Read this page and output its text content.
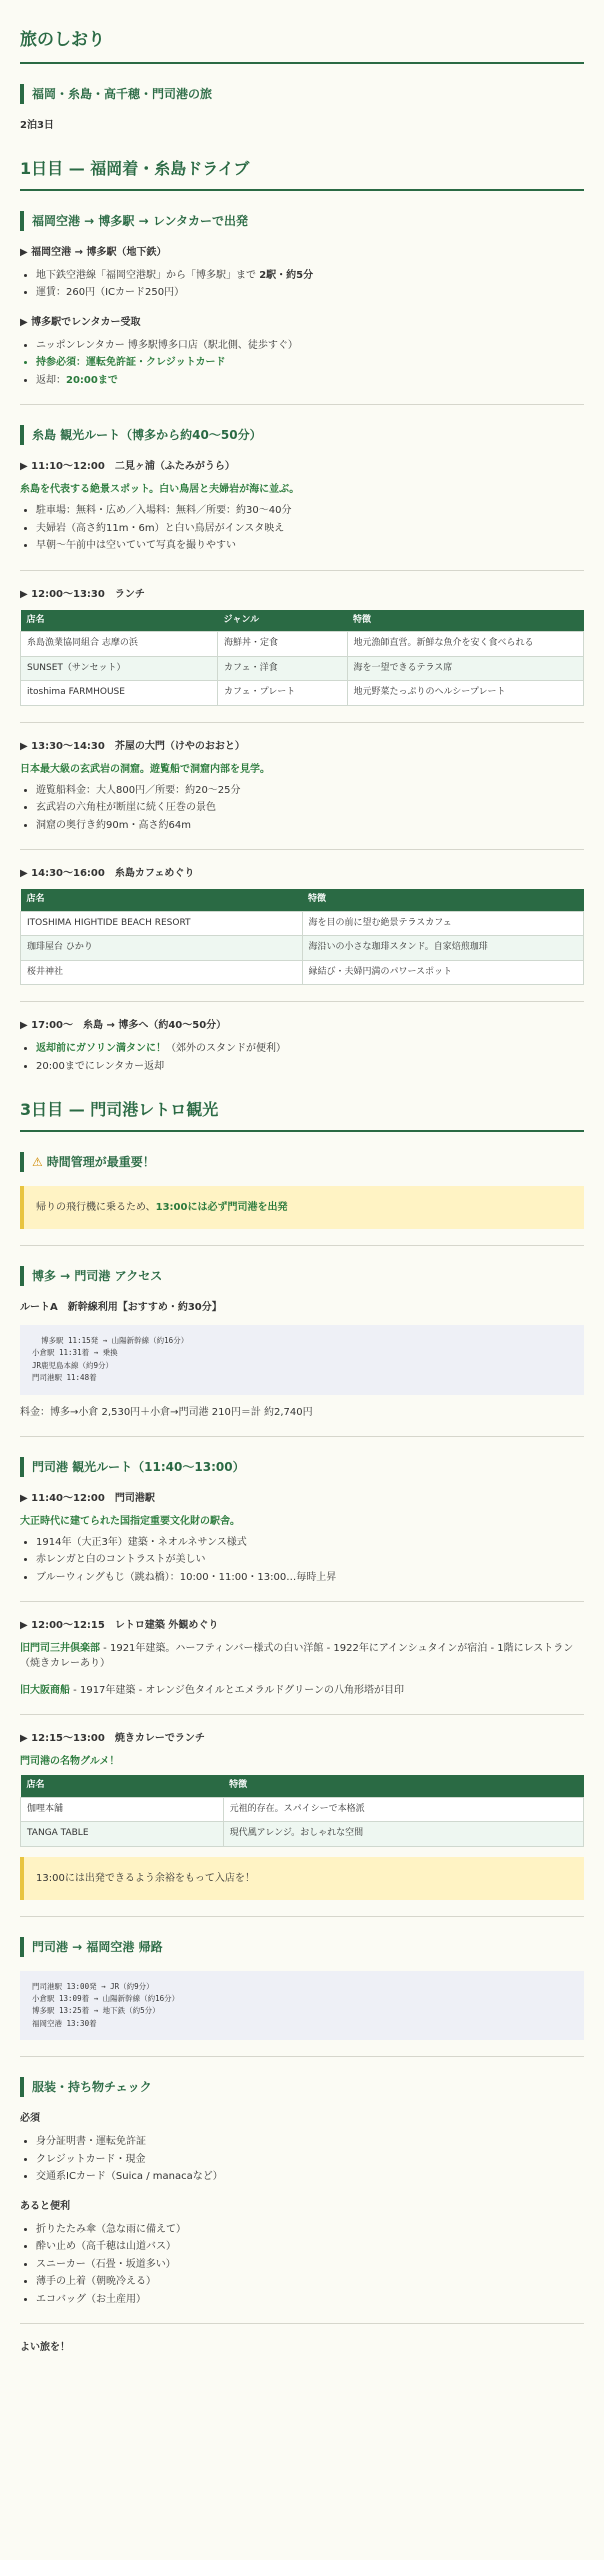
旅のしおり
福岡・糸島・高千穂・門司港の旅
2泊3日
1日目 — 福岡着・糸島ドライブ
福岡空港 → 博多駅 → レンタカーで出発
▶ 福岡空港 → 博多駅（地下鉄）
• 地下鉄空港線「福岡空港駅」から「博多駅」まで 2駅・約5分
• 運賃：260円（ICカード250円）
▶ 博多駅でレンタカー受取
• ニッポンレンタカー 博多駅博多口店（駅北側、徒歩すぐ）
• 持参必須：運転免許証・クレジットカード
• 返却：20:00まで
糸島 観光ルート（博多から約40〜50分）
▶ 11:10〜12:00　二見ヶ浦（ふたみがうら）
糸島を代表する絶景スポット。白い鳥居と夫婦岩が海に並ぶ。
• 駐車場：無料・広め／入場料：無料／所要：約30〜40分
• 夫婦岩（高さ約11m・6m）と白い鳥居がインスタ映え
• 早朝〜午前中は空いていて写真を撮りやすい
▶ 12:00〜13:30　ランチ
店名	ジャンル	特徴
糸島漁業協同組合 志摩の浜	海鮮丼・定食	地元漁師直営。新鮮な魚介を安く食べられる
SUNSET（サンセット）	カフェ・洋食	海を一望できるテラス席
itoshima FARMHOUSE	カフェ・プレート	地元野菜たっぷりのヘルシープレート
▶ 13:30〜14:30　芥屋の大門（けやのおおと）
日本最大級の玄武岩の洞窟。遊覧船で洞窟内部を見学。
• 遊覧船料金：大人800円／所要：約20〜25分
• 玄武岩の六角柱が断崖に続く圧巻の景色
• 洞窟の奥行き約90m・高さ約64m
▶ 14:30〜16:00　糸島カフェめぐり
店名	特徴
ITOSHIMA HIGHTIDE BEACH RESORT	海を目の前に望む絶景テラスカフェ
珈琲屋台 ひかり	海沿いの小さな珈琲スタンド。自家焙煎珈琲
桜井神社	縁結び・夫婦円満のパワースポット
▶ 17:00〜　糸島 → 博多へ（約40〜50分）
• 返却前にガソリン満タンに！（郊外のスタンドが便利）
• 20:00までにレンタカー返却
3日目 — 門司港レトロ観光
⚠ 時間管理が最重要！
帰りの飛行機に乗るため、13:00には必ず門司港を出発
博多 → 門司港 アクセス
ルートA　新幹線利用【おすすめ・約30分】
博多駅 11:15発 → 山陽新幹線（約16分）
小倉駅 11:31着 → 乗換
JR鹿児島本線（約9分）
門司港駅 11:48着
料金：博多→小倉 2,530円＋小倉→門司港 210円＝計 約2,740円
門司港 観光ルート（11:40〜13:00）
▶ 11:40〜12:00　門司港駅
大正時代に建てられた国指定重要文化財の駅舎。
• 1914年（大正3年）建築・ネオルネサンス様式
• 赤レンガと白のコントラストが美しい
• ブルーウィングもじ（跳ね橋）：10:00・11:00・13:00…毎時上昇
▶ 12:00〜12:15　レトロ建築 外観めぐり
旧門司三井倶楽部 - 1921年建築。ハーフティンバー様式の白い洋館 - 1922年にアインシュタインが宿泊 - 1階にレストラン（焼きカレーあり）
旧大阪商船 - 1917年建築 - オレンジ色タイルとエメラルドグリーンの八角形塔が目印
▶ 12:15〜13:00　焼きカレーでランチ
門司港の名物グルメ！
店名	特徴
伽哩本舗	元祖的存在。スパイシーで本格派
TANGA TABLE	現代風アレンジ。おしゃれな空間
13:00には出発できるよう余裕をもって入店を！
門司港 → 福岡空港 帰路
門司港駅 13:00発 → JR（約9分）
小倉駅 13:09着 → 山陽新幹線（約16分）
博多駅 13:25着 → 地下鉄（約5分）
福岡空港 13:30着
服装・持ち物チェック
必須
• 身分証明書・運転免許証
• クレジットカード・現金
• 交通系ICカード（Suica / manacaなど）
あると便利
• 折りたたみ傘（急な雨に備えて）
• 酔い止め（高千穂は山道バス）
• スニーカー（石畳・坂道多い）
• 薄手の上着（朝晩冷える）
• エコバッグ（お土産用）
よい旅を！
